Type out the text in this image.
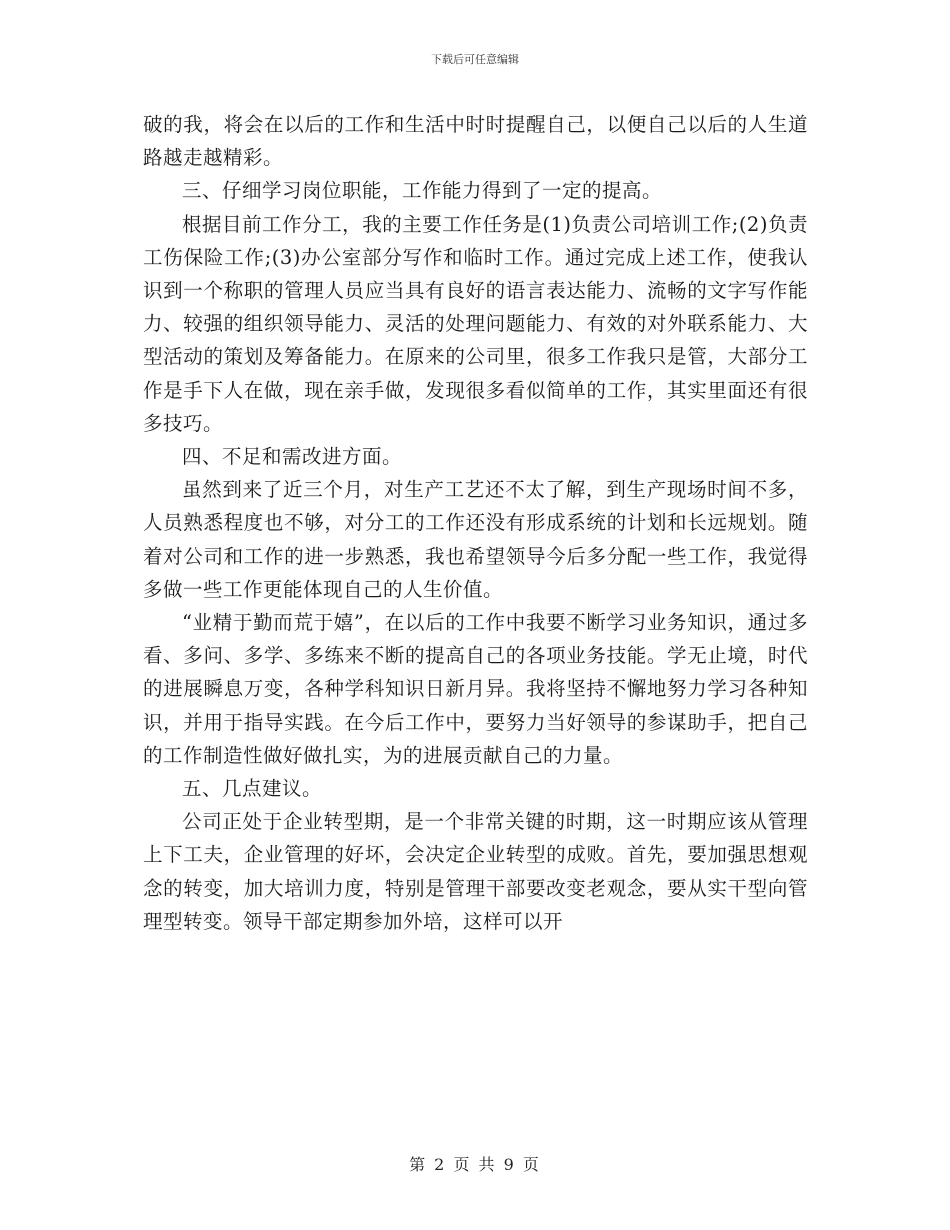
下载后可任意编辑

破的我，将会在以后的工作和生活中时时提醒自己，以便自己以后的人生道路越走越精彩。

三、仔细学习岗位职能，工作能力得到了一定的提高。

根据目前工作分工，我的主要工作任务是(1)负责公司培训工作;(2)负责工伤保险工作;(3)办公室部分写作和临时工作。通过完成上述工作，使我认识到一个称职的管理人员应当具有良好的语言表达能力、流畅的文字写作能力、较强的组织领导能力、灵活的处理问题能力、有效的对外联系能力、大型活动的策划及筹备能力。在原来的公司里，很多工作我只是管，大部分工作是手下人在做，现在亲手做，发现很多看似简单的工作，其实里面还有很多技巧。

四、不足和需改进方面。

虽然到来了近三个月，对生产工艺还不太了解，到生产现场时间不多，人员熟悉程度也不够，对分工的工作还没有形成系统的计划和长远规划。随着对公司和工作的进一步熟悉，我也希望领导今后多分配一些工作，我觉得多做一些工作更能体现自己的人生价值。

“业精于勤而荒于嬉”，在以后的工作中我要不断学习业务知识，通过多看、多问、多学、多练来不断的提高自己的各项业务技能。学无止境，时代的进展瞬息万变，各种学科知识日新月异。我将坚持不懈地努力学习各种知识，并用于指导实践。在今后工作中，要努力当好领导的参谋助手，把自己的工作制造性做好做扎实，为的进展贡献自己的力量。

五、几点建议。

公司正处于企业转型期，是一个非常关键的时期，这一时期应该从管理上下工夫，企业管理的好坏，会决定企业转型的成败。首先，要加强思想观念的转变，加大培训力度，特别是管理干部要改变老观念，要从实干型向管理型转变。领导干部定期参加外培，这样可以开

第 2 页 共 9 页
